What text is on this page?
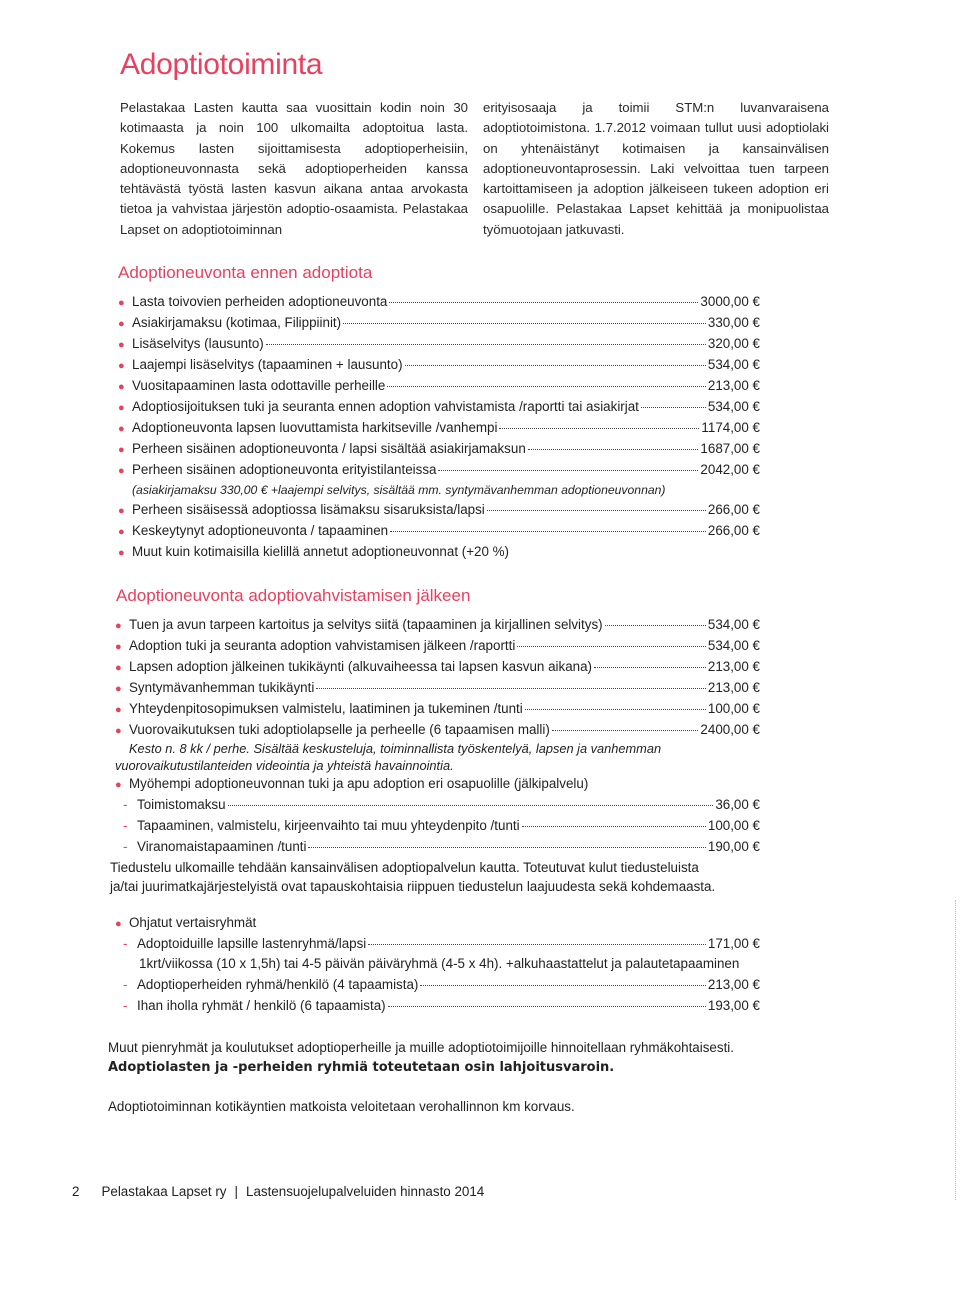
Adoptiotoiminta
Pelastakaa Lasten kautta saa vuosittain kodin noin 30 kotimaasta ja noin 100 ulkomailta adoptoitua lasta. Kokemus lasten sijoittamisesta adoptioperheisiin, adoptioneuvonnasta sekä adoptioperheiden kanssa tehtävästä työstä lasten kasvun aikana antaa arvokasta tietoa ja vahvistaa järjestön adoptio-osaamista. Pelastakaa Lapset on adoptiotoiminnan
erityisosaaja ja toimii STM:n luvanvaraisena adoptiotoimistona. 1.7.2012 voimaan tullut uusi adoptiolaki on yhtenäistänyt kotimaisen ja kansainvälisen adoptioneuvontaprosessin. Laki velvoittaa tuen tarpeen kartoittamiseen ja adoption jälkeiseen tukeen adoption eri osapuolille. Pelastakaa Lapset kehittää ja monipuolistaa työmuotojaan jatkuvasti.
Adoptioneuvonta ennen adoptiota
● Lasta toivovien perheiden adoptioneuvonta	3000,00 €
● Asiakirjamaksu (kotimaa, Filippiinit)	330,00 €
● Lisäselvitys (lausunto)	320,00 €
● Laajempi lisäselvitys (tapaaminen + lausunto)	534,00 €
● Vuositapaaminen lasta odottaville perheille	213,00 €
● Adoptiosijoituksen tuki ja seuranta ennen adoption vahvistamista /raportti tai asiakirjat	534,00 €
● Adoptioneuvonta lapsen luovuttamista harkitseville /vanhempi	1174,00 €
● Perheen sisäinen adoptioneuvonta / lapsi sisältää asiakirjamaksun	1687,00 €
● Perheen sisäinen adoptioneuvonta erityistilanteissa	2042,00 €
(asiakirjamaksu 330,00 € +laajempi selvitys, sisältää mm. syntymävanhemman adoptioneuvonnan)
● Perheen sisäisessä adoptiossa lisämaksu sisaruksista/lapsi	266,00 €
● Keskeytynyt adoptioneuvonta / tapaaminen	266,00 €
● Muut kuin kotimaisilla kielillä annetut adoptioneuvonnat (+20 %)
Adoptioneuvonta adoptiovahvistamisen jälkeen
● Tuen ja avun tarpeen kartoitus ja selvitys siitä (tapaaminen ja kirjallinen selvitys)	534,00 €
● Adoption tuki ja seuranta adoption vahvistamisen jälkeen /raportti	534,00 €
● Lapsen adoption jälkeinen tukikäynti (alkuvaiheessa tai lapsen kasvun aikana)	213,00 €
● Syntymävanhemman tukikäynti	213,00 €
● Yhteydenpitosopimuksen valmistelu, laatiminen ja tukeminen /tunti	100,00 €
● Vuorovaikutuksen tuki adoptiolapselle ja perheelle (6 tapaamisen malli)	2400,00 €
Kesto n. 8 kk / perhe. Sisältää keskusteluja, toiminnallista työskentelyä, lapsen ja vanhemman
vuorovaikutustilanteiden videointia ja yhteistä havainnointia.
● Myöhempi adoptioneuvonnan tuki ja apu adoption eri osapuolille (jälkipalvelu)
- Toimistomaksu	36,00 €
- Tapaaminen, valmistelu, kirjeenvaihto tai muu yhteydenpito /tunti	100,00 €
- Viranomaistapaaminen /tunti	190,00 €
Tiedustelu ulkomaille tehdään kansainvälisen adoptiopalvelun kautta. Toteutuvat kulut tiedusteluista
ja/tai juurimatkajärjestelyistä ovat tapauskohtaisia riippuen tiedustelun laajuudesta sekä kohdemaasta.
● Ohjatut vertaisryhmät
- Adoptoiduille lapsille lastenryhmä/lapsi	171,00 €
1krt/viikossa (10 x 1,5h) tai 4-5 päivän päiväryhmä (4-5 x 4h). +alkuhaastattelut ja palautetapaaminen
- Adoptioperheiden ryhmä/henkilö (4 tapaamista)	213,00 €
- Ihan iholla ryhmät / henkilö (6 tapaamista)	193,00 €
Muut pienryhmät ja koulutukset adoptioperheille ja muille adoptiotoimijoille hinnoitellaan ryhmäkohtaisesti.
Adoptiolasten ja -perheiden ryhmiä toteutetaan osin lahjoitusvaroin.
Adoptiotoiminnan kotikäyntien matkoista veloitetaan verohallinnon km korvaus.
2 Pelastakaa Lapset ry | Lastensuojelupalveluiden hinnasto 2014
